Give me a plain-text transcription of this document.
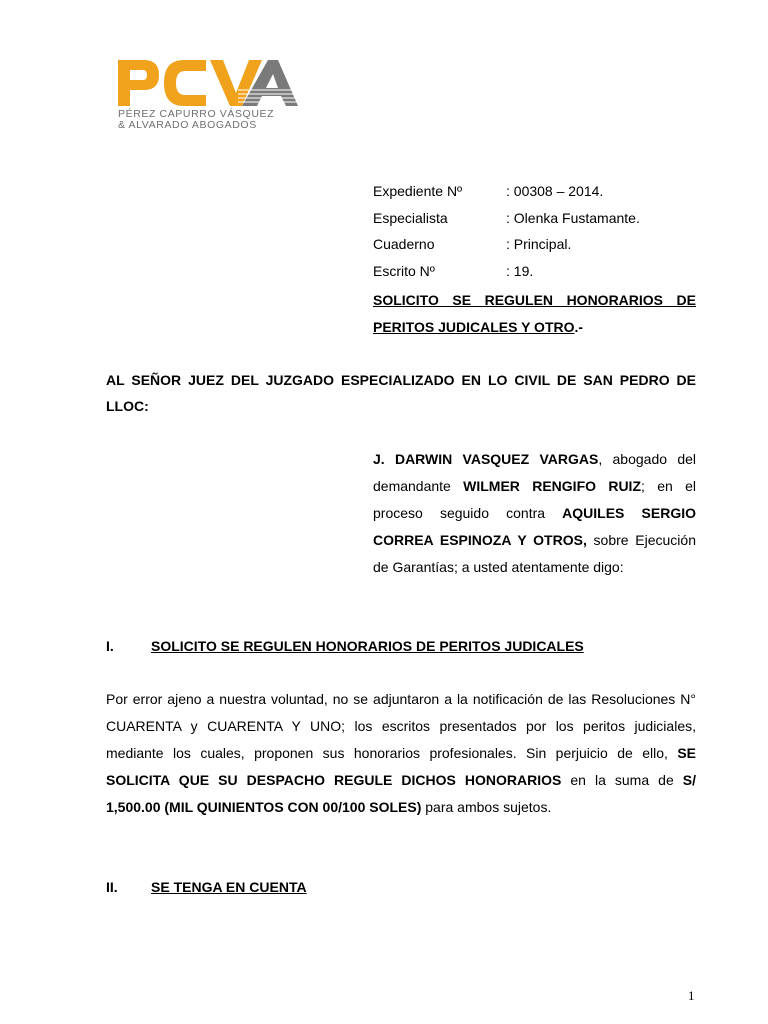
PÉREZ CAPURRO VÁSQUEZ
& ALVARADO ABOGADOS
Expediente Nº	: 00308 – 2014.
Especialista	: Olenka Fustamante.
Cuaderno	: Principal.
Escrito Nº	: 19.
SOLICITO SE REGULEN HONORARIOS DE PERITOS JUDICALES Y OTRO.-
AL SEÑOR JUEZ DEL JUZGADO ESPECIALIZADO EN LO CIVIL DE SAN PEDRO DE LLOC:
J. DARWIN VASQUEZ VARGAS, abogado del demandante WILMER RENGIFO RUIZ; en el proceso seguido contra AQUILES SERGIO CORREA ESPINOZA Y OTROS, sobre Ejecución de Garantías; a usted atentamente digo:
I.	SOLICITO SE REGULEN HONORARIOS DE PERITOS JUDICALES
Por error ajeno a nuestra voluntad, no se adjuntaron a la notificación de las Resoluciones N° CUARENTA y CUARENTA Y UNO; los escritos presentados por los peritos judiciales, mediante los cuales, proponen sus honorarios profesionales. Sin perjuicio de ello, SE SOLICITA QUE SU DESPACHO REGULE DICHOS HONORARIOS en la suma de S/ 1,500.00 (MIL QUINIENTOS CON 00/100 SOLES) para ambos sujetos.
II. SE TENGA EN CUENTA
1
